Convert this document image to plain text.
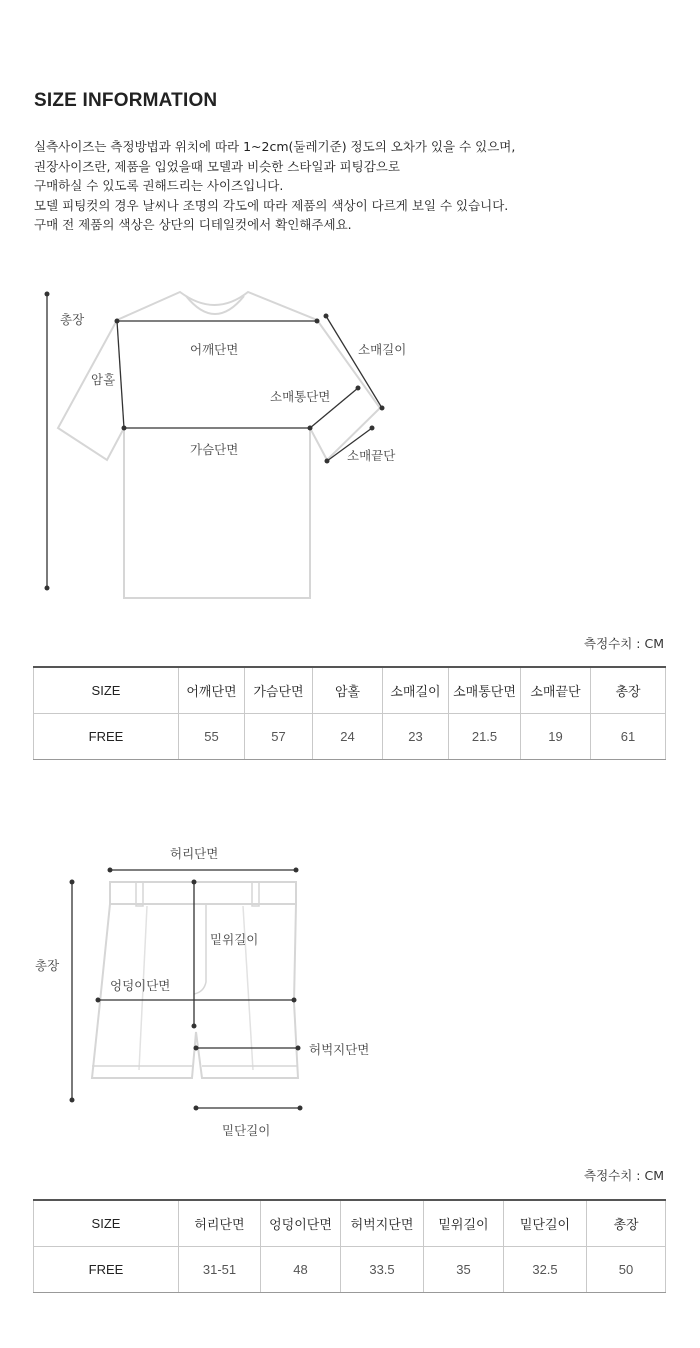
SIZE INFORMATION
실측사이즈는 측정방법과 위치에 따라 1~2cm(둘레기준) 정도의 오차가 있을 수 있으며,
권장사이즈란, 제품을 입었을때 모델과 비슷한 스타일과 피팅감으로
구매하실 수 있도록 권해드리는 사이즈입니다.
모델 피팅컷의 경우 날씨나 조명의 각도에 따라 제품의 색상이 다르게 보일 수 있습니다.
구매 전 제품의 색상은 상단의 디테일컷에서 확인해주세요.
총장
어깨단면
암홀
소매길이
소매통단면
가슴단면	소매끝단
측정수치 : CM
SIZE	어깨단면	가슴단면	암홀	소매길이	소매통단면	소매끝단	총장
FREE	55	57	24	23	21.5	19	61
허리단면
총장
밑위길이
엉덩이단면
허벅지단면
밑단길이
측정수치 : CM
SIZE	허리단면	엉덩이단면	허벅지단면	밑위길이	밑단길이	총장
FREE	31-51	48	33.5	35	32.5	50
